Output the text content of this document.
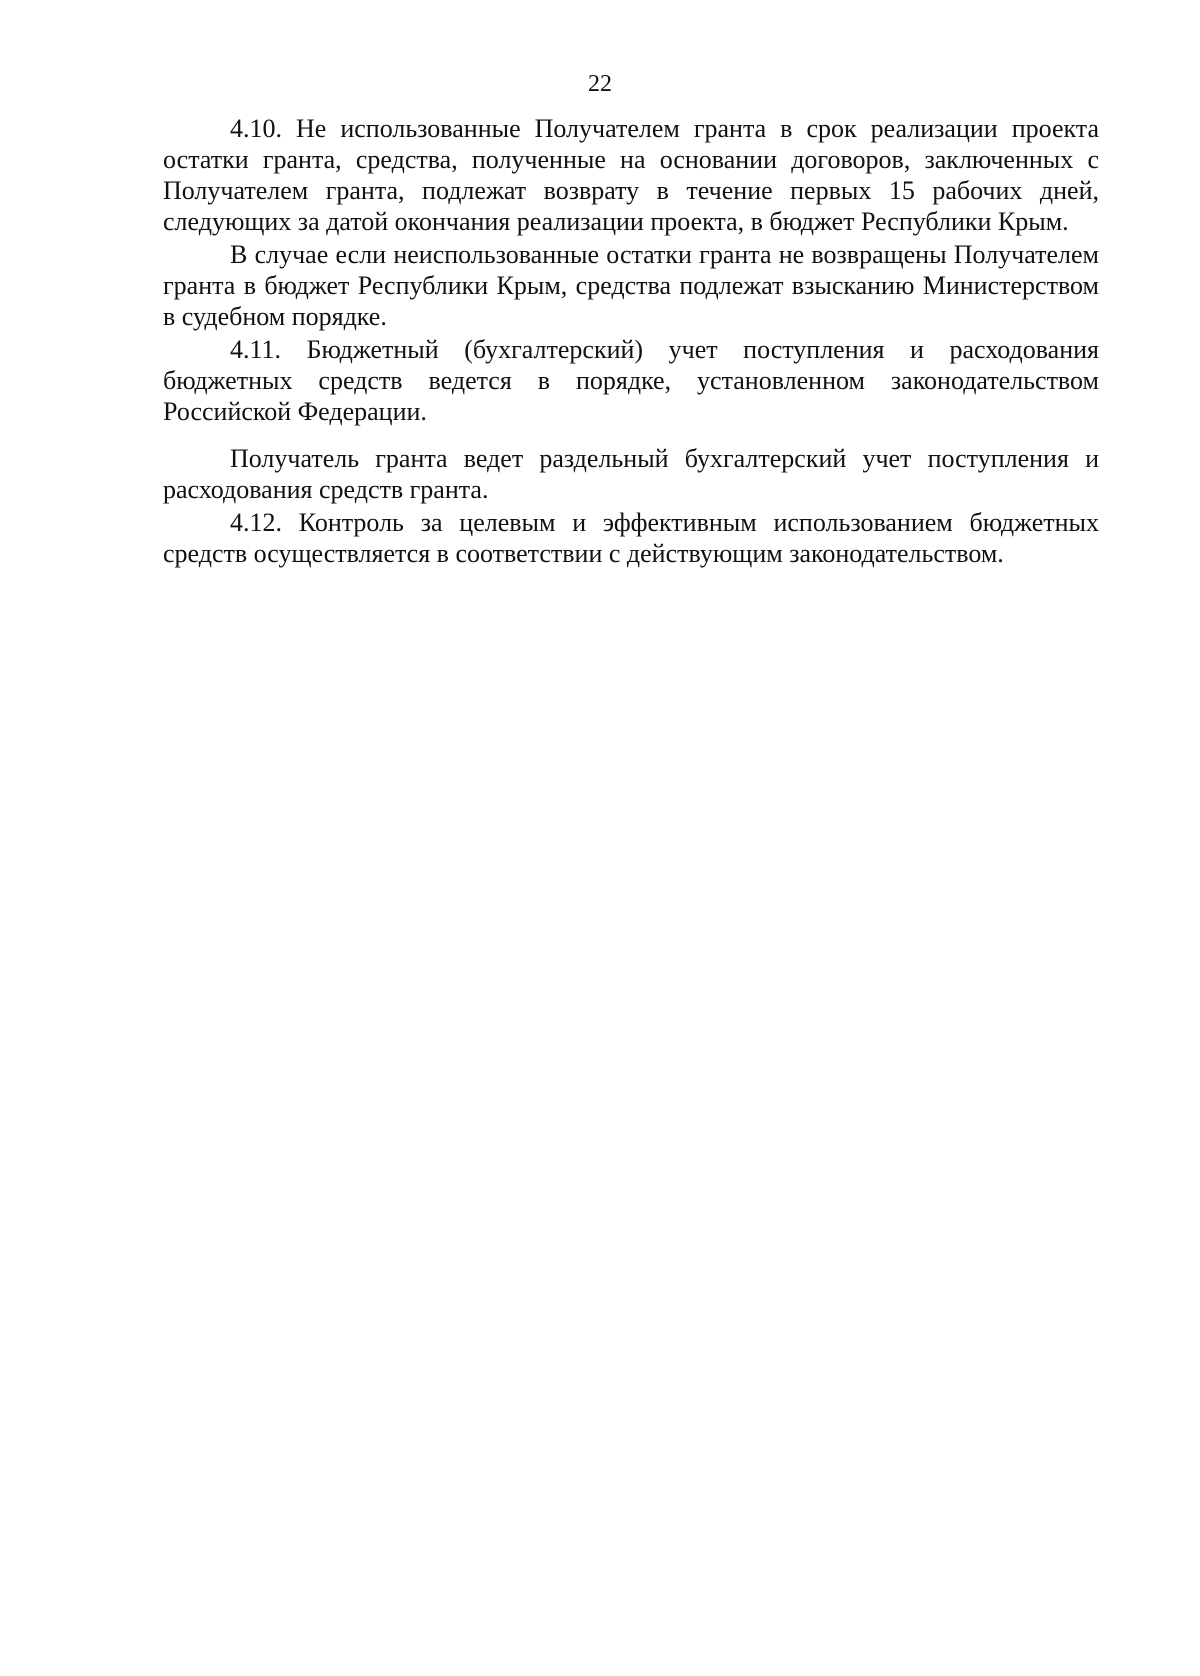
22

4.10. Не использованные Получателем гранта в срок реализации проекта остатки гранта, средства, полученные на основании договоров, заключенных с Получателем гранта, подлежат возврату в течение первых 15 рабочих дней, следующих за датой окончания реализации проекта, в бюджет Республики Крым.

В случае если неиспользованные остатки гранта не возвращены Получателем гранта в бюджет Республики Крым, средства подлежат взысканию Министерством в судебном порядке.

4.11. Бюджетный (бухгалтерский) учет поступления и расходования бюджетных средств ведется в порядке, установленном законодательством Российской Федерации.

Получатель гранта ведет раздельный бухгалтерский учет поступления и расходования средств гранта.

4.12. Контроль за целевым и эффективным использованием бюджетных средств осуществляется в соответствии с действующим законодательством.
